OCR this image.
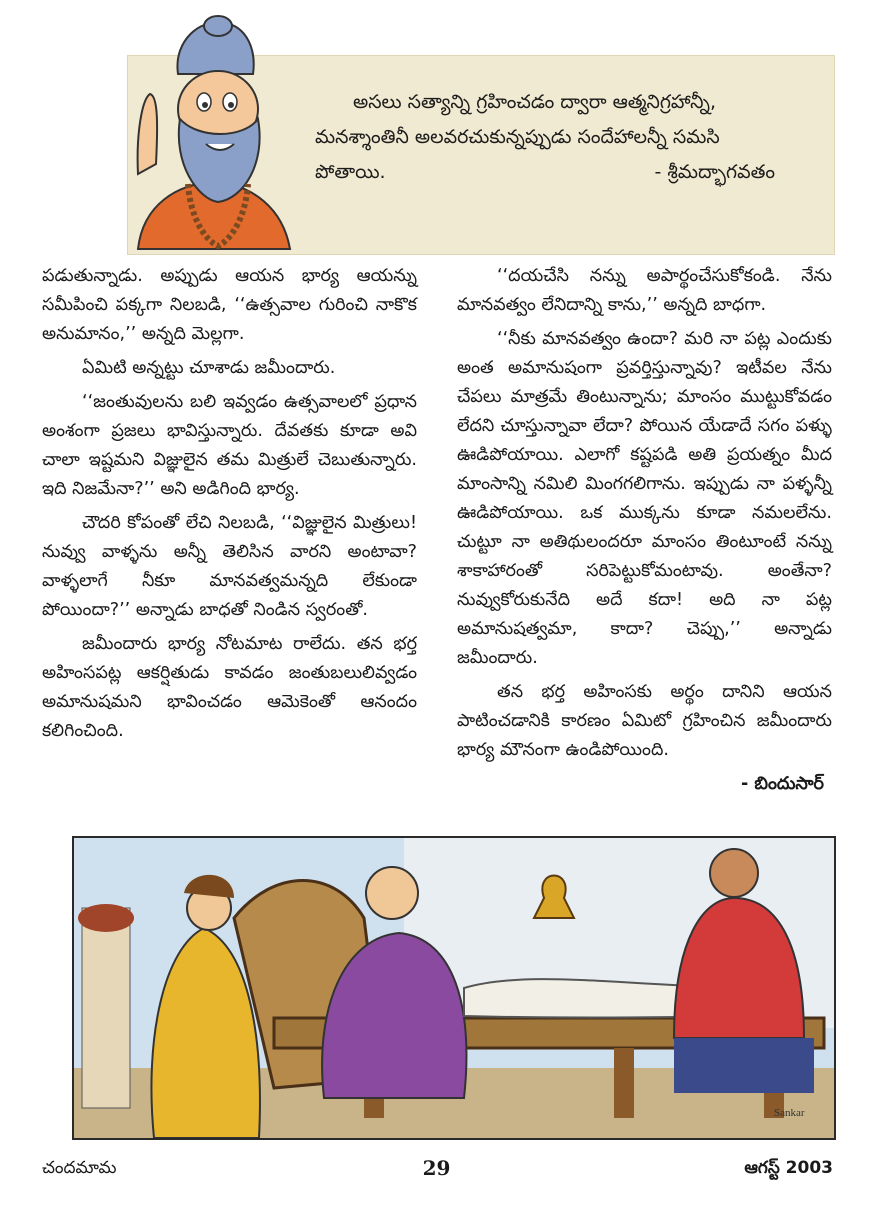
అసలు సత్యాన్ని గ్రహించడం ద్వారా ఆత్మనిగ్రహాన్నీ,
మనశ్శాంతినీ అలవరచుకున్నప్పుడు సందేహాలన్నీ సమసి
పోతాయి.	- శ్రీమద్భాగవతం

పడుతున్నాడు. అప్పుడు ఆయన భార్య ఆయన్ను సమీపించి పక్కగా నిలబడి, ‘‘ఉత్సవాల గురించి నాకొక అనుమానం,’’ అన్నది మెల్లగా.

ఏమిటి అన్నట్టు చూశాడు జమీందారు.

‘‘జంతువులను బలి ఇవ్వడం ఉత్సవాలలో ప్రధాన అంశంగా ప్రజలు భావిస్తున్నారు. దేవతకు కూడా అవి చాలా ఇష్టమని విజ్ఞులైన తమ మిత్రులే చెబుతున్నారు. ఇది నిజమేనా?’’ అని అడిగింది భార్య.

చౌదరి కోపంతో లేచి నిలబడి, ‘‘విజ్ఞులైన మిత్రులు! నువ్వు వాళ్ళను అన్నీ తెలిసిన వారని అంటావా? వాళ్ళలాగే నీకూ మానవత్వమన్నది లేకుండా పోయిందా?’’ అన్నాడు బాధతో నిండిన స్వరంతో.

జమీందారు భార్య నోటమాట రాలేదు. తన భర్త అహింసపట్ల ఆకర్షితుడు కావడం జంతుబలులివ్వడం అమానుషమని భావించడం ఆమెకెంతో ఆనందం కలిగించింది.

‘‘దయచేసి నన్ను అపార్థంచేసుకోకండి. నేను మానవత్వం లేనిదాన్ని కాను,’’ అన్నది బాధగా.

‘‘నీకు మానవత్వం ఉందా? మరి నా పట్ల ఎందుకు అంత అమానుషంగా ప్రవర్తిస్తున్నావు? ఇటీవల నేను చేపలు మాత్రమే తింటున్నాను; మాంసం ముట్టుకోవడం లేదని చూస్తున్నావా లేదా? పోయిన యేడాదే సగం పళ్ళు ఊడిపోయాయి. ఎలాగో కష్టపడి అతి ప్రయత్నం మీద మాంసాన్ని నమిలి మింగగలిగాను. ఇప్పుడు నా పళ్ళన్నీ ఊడిపోయాయి. ఒక ముక్కను కూడా నమలలేను. చుట్టూ నా అతిథులందరూ మాంసం తింటూంటే నన్ను శాకాహారంతో సరిపెట్టుకోమంటావు. అంతేనా? నువ్వుకోరుకునేది అదే కదా! అది నా పట్ల అమానుషత్వమా, కాదా? చెప్పు,’’ అన్నాడు జమీందారు.

తన భర్త అహింసకు అర్థం దానిని ఆయన పాటించడానికి కారణం ఏమిటో గ్రహించిన జమీందారు భార్య మౌనంగా ఉండిపోయింది.

- బిందుసార్

Sankar
చందమామ	29	ఆగస్ట్ 2003
